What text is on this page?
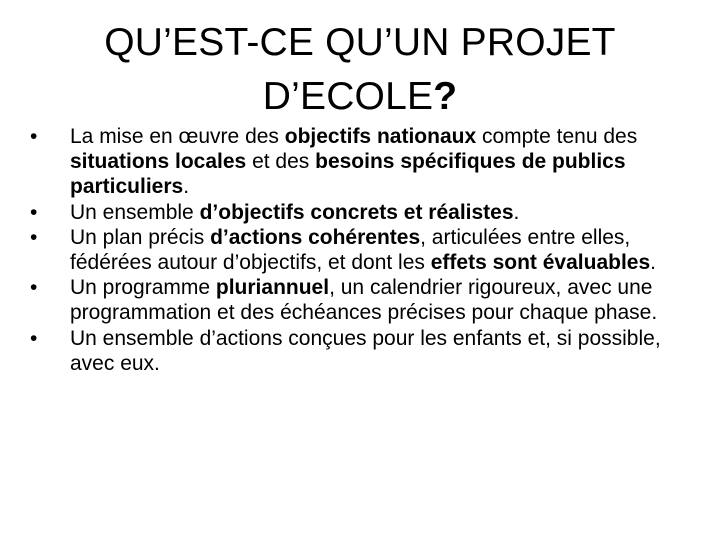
QU’EST-CE QU’UN PROJET
D’ECOLE?
• La mise en œuvre des objectifs nationaux compte tenu des situations locales et des besoins spécifiques de publics particuliers.
• Un ensemble d’objectifs concrets et réalistes.
• Un plan précis d’actions cohérentes, articulées entre elles, fédérées autour d’objectifs, et dont les effets sont évaluables.
• Un programme pluriannuel, un calendrier rigoureux, avec une programmation et des échéances précises pour chaque phase.
• Un ensemble d’actions conçues pour les enfants et, si possible, avec eux.
